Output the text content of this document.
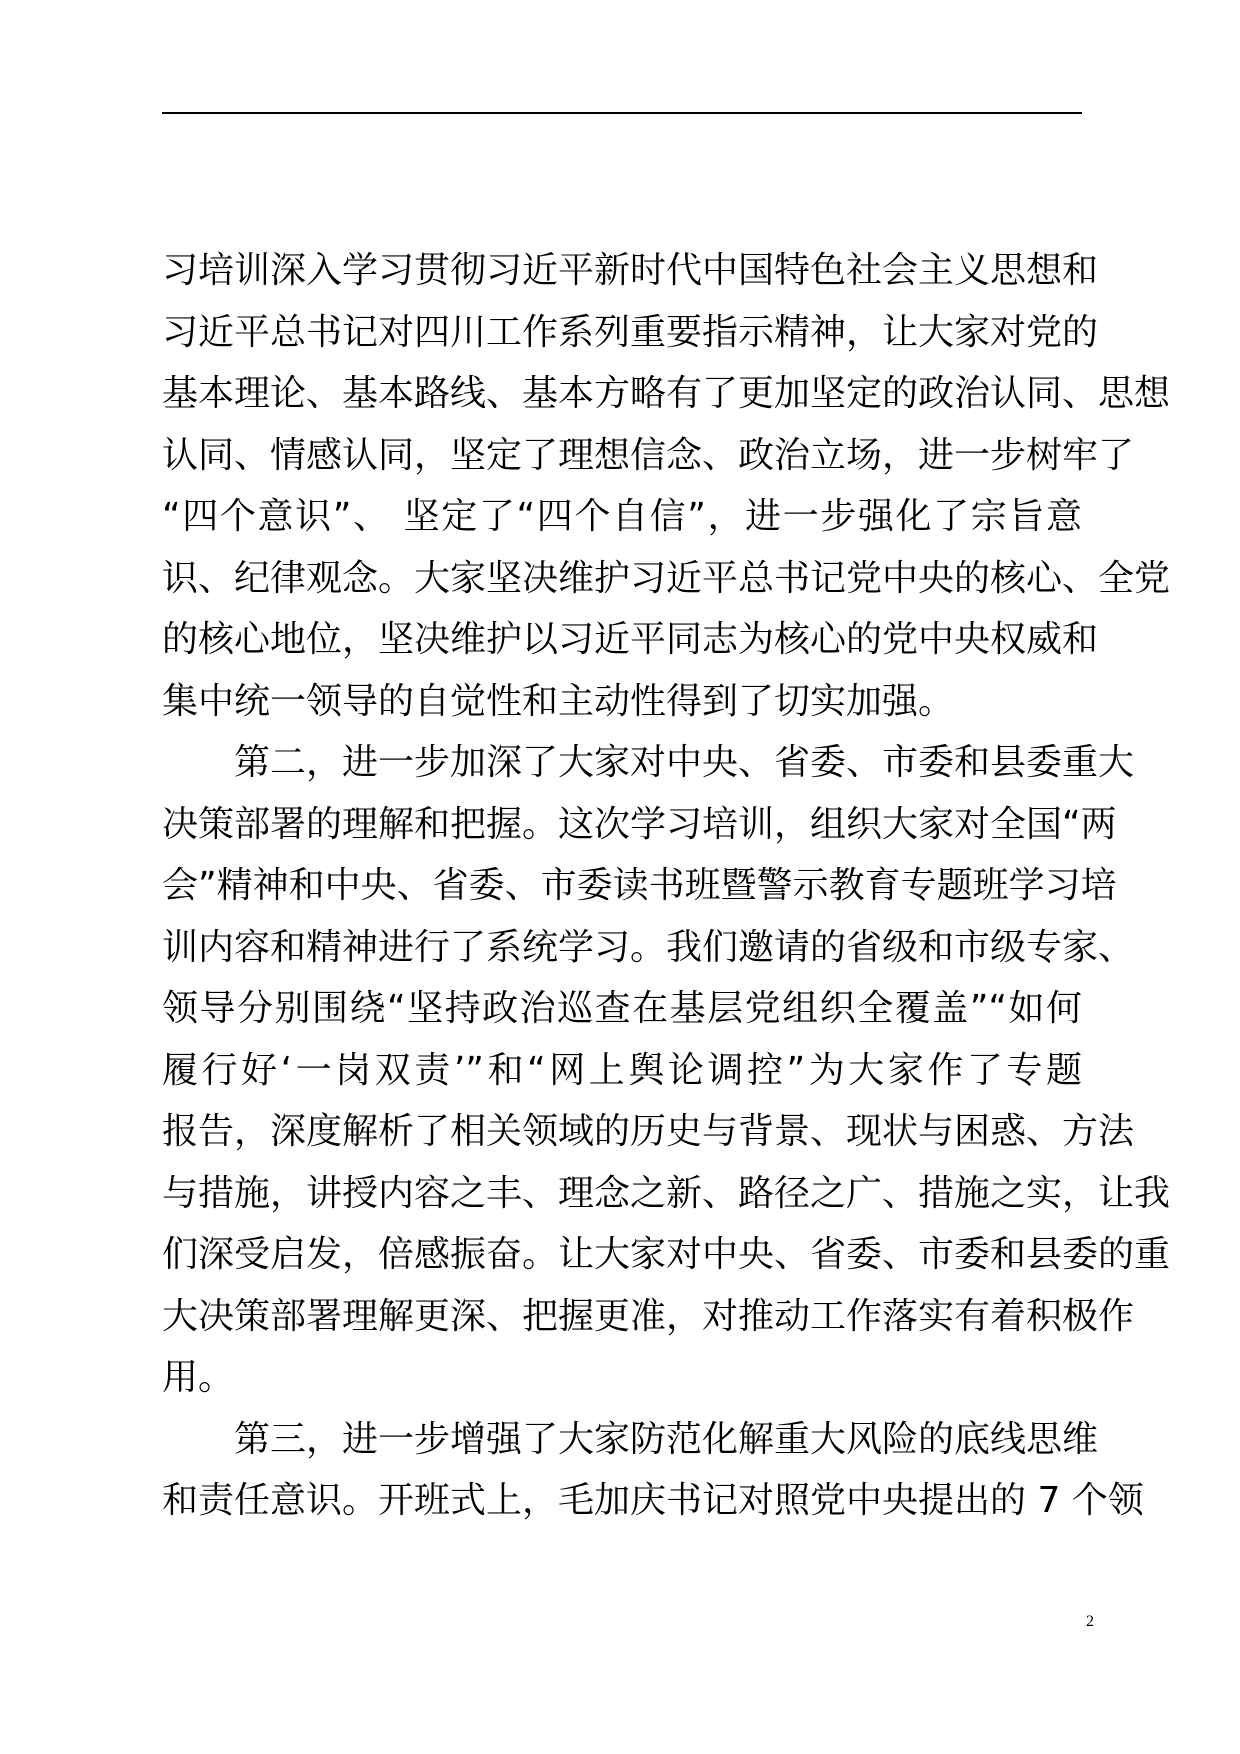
习培训深入学习贯彻习近平新时代中国特色社会主义思想和
习近平总书记对四川工作系列重要指示精神，让大家对党的
基本理论、基本路线、基本方略有了更加坚定的政治认同、思想
认同、情感认同，坚定了理想信念、政治立场，进一步树牢了
“四个意识”、 坚定了“四个自信”，进一步强化了宗旨意
识、纪律观念。大家坚决维护习近平总书记党中央的核心、全党
的核心地位，坚决维护以习近平同志为核心的党中央权威和
集中统一领导的自觉性和主动性得到了切实加强。
第二，进一步加深了大家对中央、省委、市委和县委重大
决策部署的理解和把握。这次学习培训，组织大家对全国“两
会”精神和中央、省委、市委读书班暨警示教育专题班学习培
训内容和精神进行了系统学习。我们邀请的省级和市级专家、
领导分别围绕“坚持政治巡查在基层党组织全覆盖”“如何
履行好‘一岗双责’”和“网上舆论调控”为大家作了专题
报告，深度解析了相关领域的历史与背景、现状与困惑、方法
与措施，讲授内容之丰、理念之新、路径之广、措施之实，让我
们深受启发，倍感振奋。让大家对中央、省委、市委和县委的重
大决策部署理解更深、把握更准，对推动工作落实有着积极作
用。
第三，进一步增强了大家防范化解重大风险的底线思维
和责任意识。开班式上，毛加庆书记对照党中央提出的 7 个领
2
